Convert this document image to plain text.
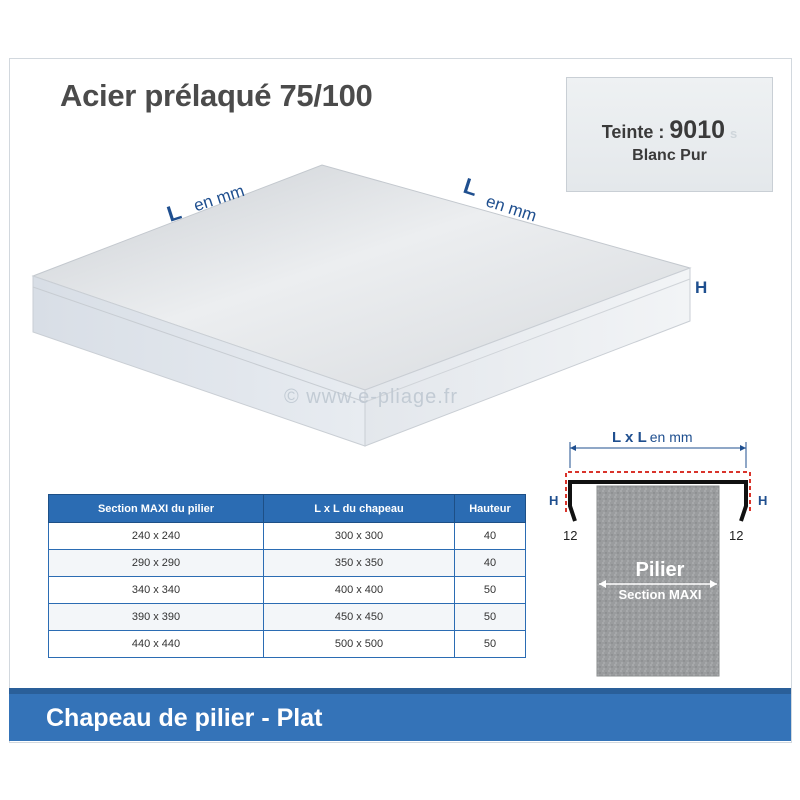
Acier prélaqué 75/100
Teinte : 9010 s
Blanc Pur
L en mm	L
en mm
H
© www.e-pliage.fr
Section MAXI du pilier	L x L du chapeau	Hauteur
240 x 240	300 x 300	40
290 x 290	350 x 350	40
340 x 340	400 x 400	50
390 x 390	450 x 450	50
440 x 440	500 x 500	50
L x L en mm
H	H
12	12
Pilier
Section MAXI
Chapeau de pilier - Plat
